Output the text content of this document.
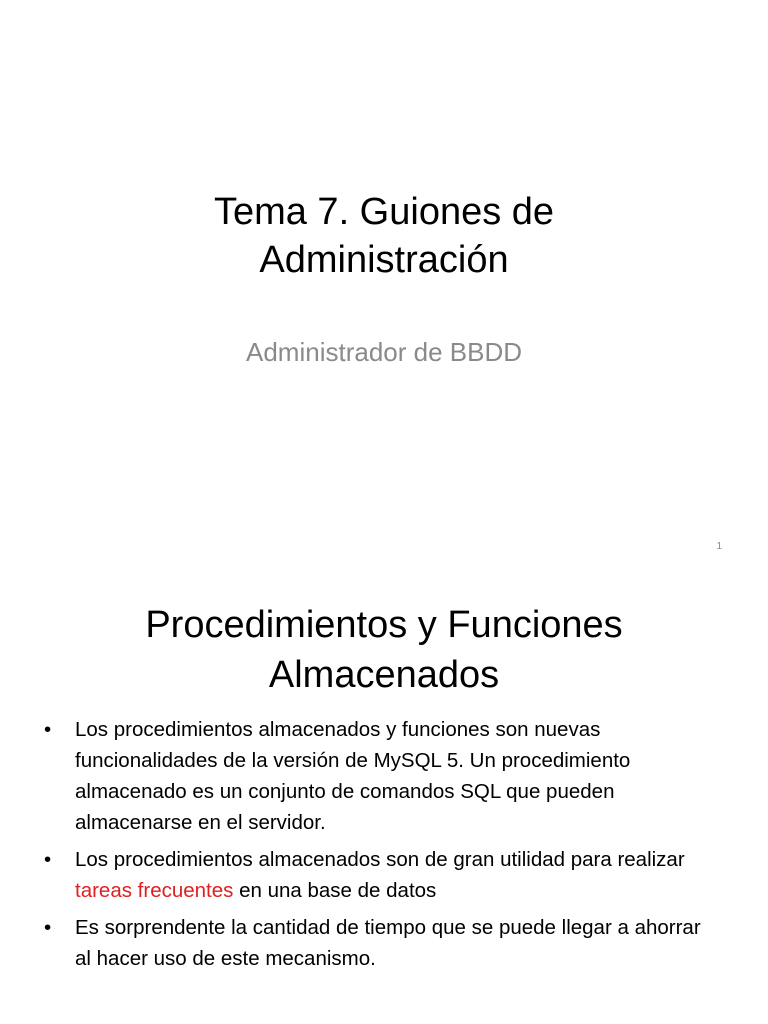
Tema 7. Guiones de
Administración
Administrador de BBDD
1
Procedimientos y Funciones
Almacenados
• Los procedimientos almacenados y funciones son nuevas funcionalidades de la versión de MySQL 5. Un procedimiento almacenado es un conjunto de comandos SQL que pueden almacenarse en el servidor.
• Los procedimientos almacenados son de gran utilidad para realizar tareas frecuentes en una base de datos
• Es sorprendente la cantidad de tiempo que se puede llegar a ahorrar al hacer uso de este mecanismo.
